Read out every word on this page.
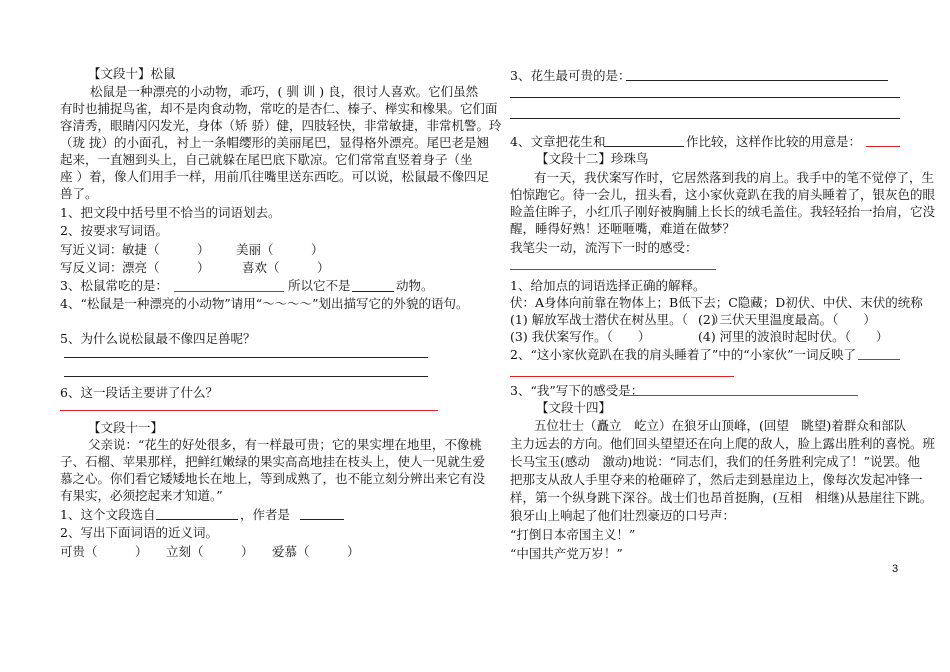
【文段十】松鼠
松鼠是一种漂亮的小动物，乖巧，( 驯 训 ) 良，很讨人喜欢。它们虽然
有时也捕捉鸟雀，却不是肉食动物，常吃的是杏仁、榛子、榉实和橡果。它们面
容清秀，眼睛闪闪发光，身体（矫 骄）健，四肢轻快，非常敏捷，非常机警。玲
（珑 拢）的小面孔，衬上一条帽缨形的美丽尾巴，显得格外漂亮。尾巴老是翘
起来，一直翘到头上，自己就躲在尾巴底下歇凉。它们常常直竖着身子（坐
座 ）着，像人们用手一样，用前爪往嘴里送东西吃。可以说，松鼠最不像四足
兽了。
1、把文段中括号里不恰当的词语划去。
2、按要求写词语。
写近义词： 敏捷（　　　） 美丽（　　　）
写反义词： 漂亮（　　　）	喜欢（　　　）
3、松鼠常吃的是：	所以它不是	动物。
4、“松鼠是一种漂亮的小动物”请用“～～～～”划出描写它的外貌的语句。
5、为什么说松鼠最不像四足兽呢？
6、这一段话主要讲了什么？
【文段十一】
父亲说：“花生的好处很多，有一样最可贵；它的果实埋在地里，不像桃
子、石榴、苹果那样，把鲜红嫩绿的果实高高地挂在枝头上，使人一见就生爱
慕之心。你们看它矮矮地长在地上，等到成熟了，也不能立刻分辨出来它有没
有果实，必须挖起来才知道。”
1、这个文段选自	，作者是
2、写出下面词语的近义词。
可贵（　　　） 立刻（　　　） 爱慕（　　　）
3、花生最可贵的是：
4、文章把花生和	作比较，这样作比较的用意是：
【文段十二】珍珠鸟
有一天，我伏案写作时，它居然落到我的肩上。我手中的笔不觉停了，生
怕惊跑它。待一会儿，扭头看，这小家伙竟趴在我的肩头睡着了，银灰色的眼
睑盖住眸子，小红爪子刚好被胸脯上长长的绒毛盖住。我轻轻抬一抬肩，它没
醒，睡得好熟！还咂咂嘴，难道在做梦？
我笔尖一动，流泻下一时的感受：
1、给加点的词语选择正确的解释。
伏：A身体向前靠在物体上；B低下去；C隐藏；D初伏、中伏、末伏的统称
(1) 解放军战士潜伏在树丛里。（　　）
(2) 三伏天里温度最高。（　　）
(3) 我伏案写作。（　　）	(4) 河里的波浪时起时伏。（　　）
2、“这小家伙竟趴在我的肩头睡着了”中的“小家伙”一词反映了
3、“我”写下的感受是：
【文段十四】
五位壮士（矗立　屹立）在狼牙山顶峰，(回望　眺望)着群众和部队
主力远去的方向。他们回头望望还在向上爬的敌人，脸上露出胜利的喜悦。班
长马宝玉(感动　激动)地说：“同志们，我们的任务胜利完成了！”说罢。他
把那支从敌人手里夺来的枪砸碎了，然后走到悬崖边上，像每次发起冲锋一
样，第一个纵身跳下深谷。战士们也昂首挺胸，(互相　相继)从悬崖往下跳。
狼牙山上响起了他们壮烈豪迈的口号声：
“打倒日本帝国主义！”
“中国共产党万岁！”
3
